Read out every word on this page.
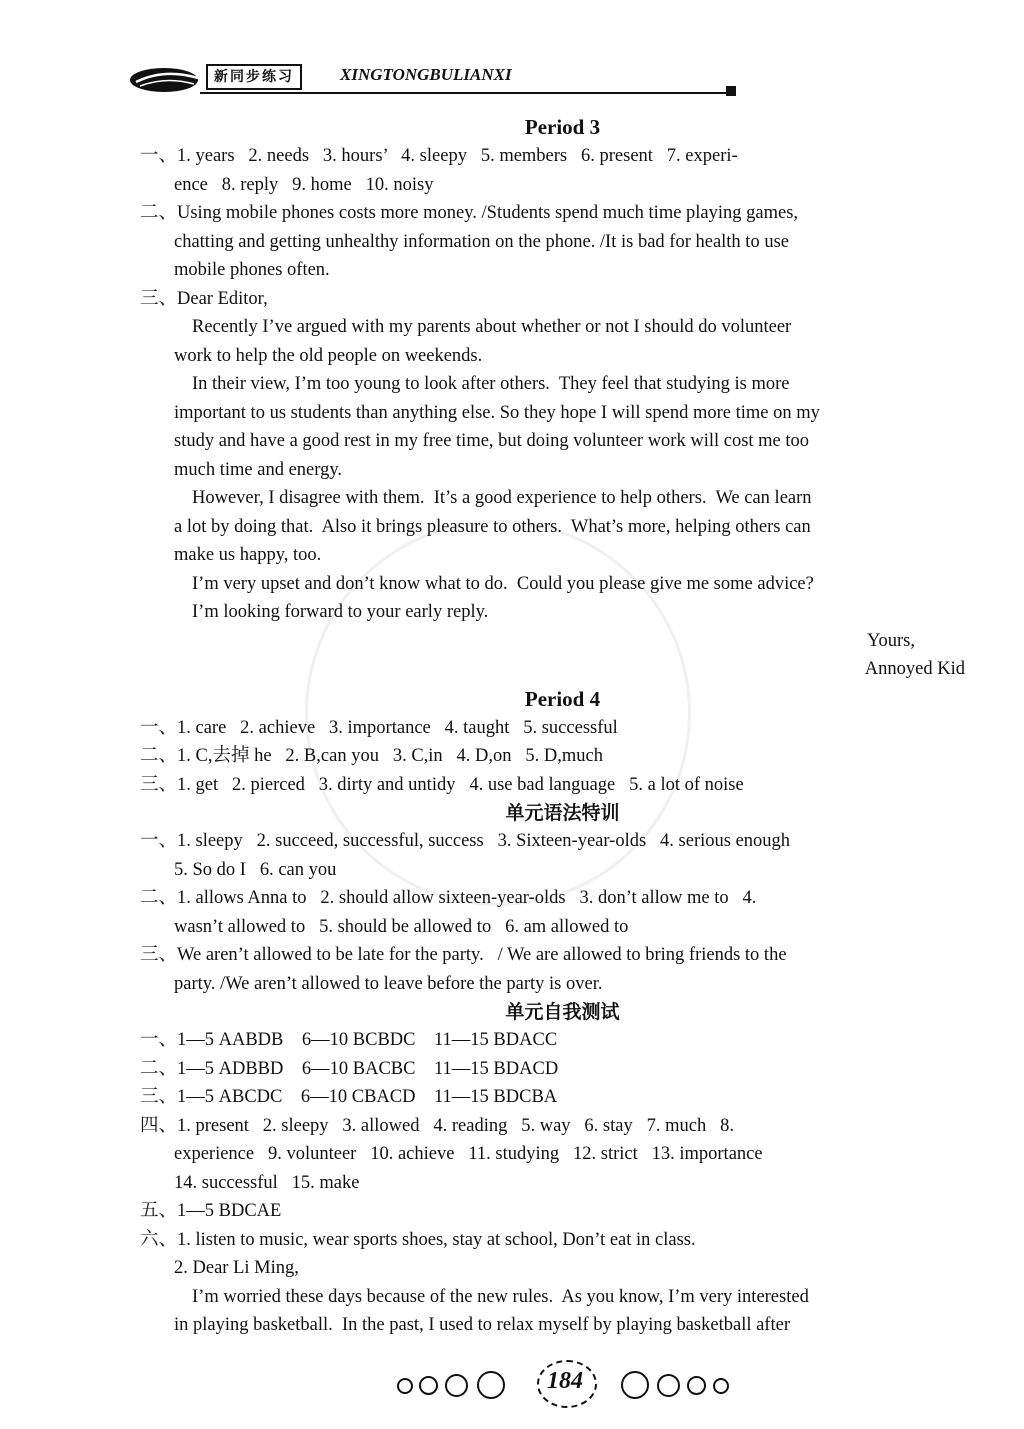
新同步练习	XINGTONGBULIANXI
Period 3
一、1. years   2. needs   3. hours’   4. sleepy   5. members   6. present   7. experi-
ence   8. reply   9. home   10. noisy
二、Using mobile phones costs more money. /Students spend much time playing games,
chatting and getting unhealthy information on the phone. /It is bad for health to use
mobile phones often.
三、Dear Editor,
Recently I’ve argued with my parents about whether or not I should do volunteer
work to help the old people on weekends.
In their view, I’m too young to look after others.  They feel that studying is more
important to us students than anything else. So they hope I will spend more time on my
study and have a good rest in my free time, but doing volunteer work will cost me too
much time and energy.
However, I disagree with them.  It’s a good experience to help others.  We can learn
a lot by doing that.  Also it brings pleasure to others.  What’s more, helping others can
make us happy, too.
I’m very upset and don’t know what to do.  Could you please give me some advice?
I’m looking forward to your early reply.
Yours,
Annoyed Kid
Period 4
一、1. care   2. achieve   3. importance   4. taught   5. successful
二、1. C,去掉 he   2. B,can you   3. C,in   4. D,on   5. D,much
三、1. get   2. pierced   3. dirty and untidy   4. use bad language   5. a lot of noise
单元语法特训
一、1. sleepy   2. succeed, successful, success   3. Sixteen-year-olds   4. serious enough
5. So do I   6. can you
二、1. allows Anna to   2. should allow sixteen-year-olds   3. don’t allow me to   4.
wasn’t allowed to   5. should be allowed to   6. am allowed to
三、We aren’t allowed to be late for the party.   / We are allowed to bring friends to the
party. /We aren’t allowed to leave before the party is over.
单元自我测试
一、1—5 AABDB    6—10 BCBDC    11—15 BDACC
二、1—5 ADBBD    6—10 BACBC    11—15 BDACD
三、1—5 ABCDC    6—10 CBACD    11—15 BDCBA
四、1. present   2. sleepy   3. allowed   4. reading   5. way   6. stay   7. much   8.
experience   9. volunteer   10. achieve   11. studying   12. strict   13. importance
14. successful   15. make
五、1—5 BDCAE
六、1. listen to music, wear sports shoes, stay at school, Don’t eat in class.
2. Dear Li Ming,
I’m worried these days because of the new rules.  As you know, I’m very interested
in playing basketball.  In the past, I used to relax myself by playing basketball after
184
